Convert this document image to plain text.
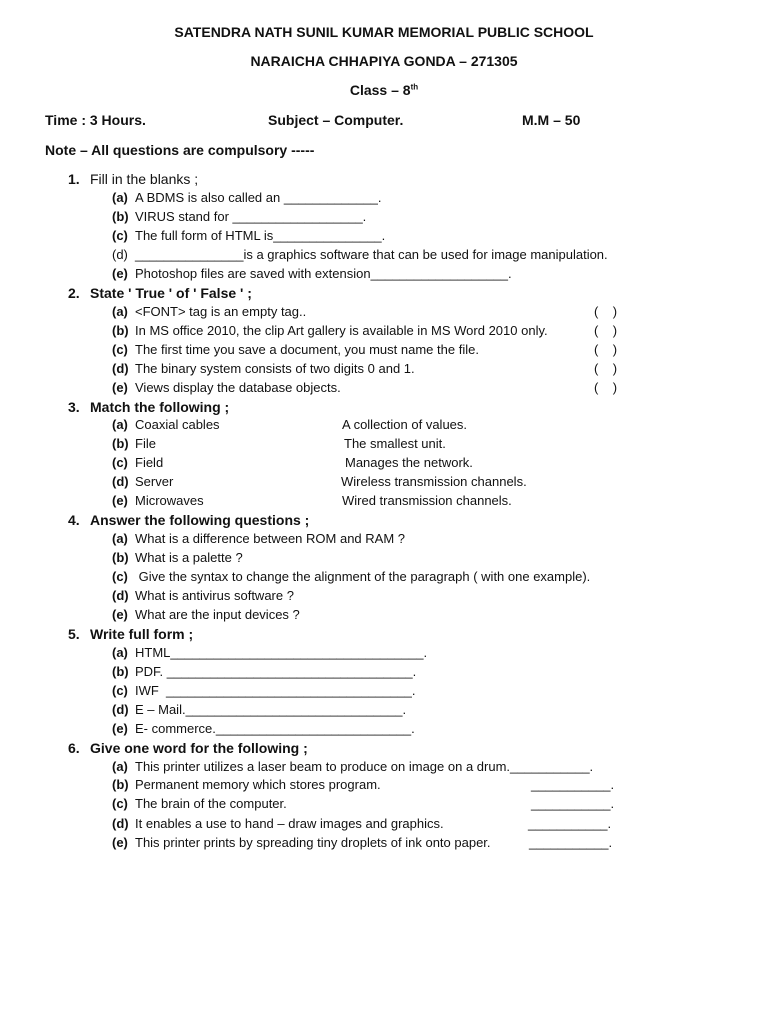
SATENDRA NATH SUNIL KUMAR MEMORIAL PUBLIC SCHOOL
NARAICHA CHHAPIYA GONDA – 271305
Class – 8th
Time : 3 Hours.	Subject – Computer.	M.M – 50
Note – All questions are compulsory -----
1. Fill in the blanks ;
(a) A BDMS is also called an _____________.
(b) VIRUS stand for __________________.
(c) The full form of HTML is_______________.
(d) _______________is a graphics software that can be used for image manipulation.
(e) Photoshop files are saved with extension___________________.
2. State ' True ' of ' False ' ;
(a) <FONT> tag is an empty tag..	(    )
(b) In MS office 2010, the clip Art gallery is available in MS Word 2010 only.	(    )
(c) The first time you save a document, you must name the file.	(    )
(d) The binary system consists of two digits 0 and 1.	(    )
(e) Views display the database objects.	(    )
3. Match the following ;
(a) Coaxial cables	A collection of values.
(b) File	The smallest unit.
(c) Field	Manages the network.
(d) Server	Wireless transmission channels.
(e) Microwaves	Wired transmission channels.
4. Answer the following questions ;
(a) What is a difference between ROM and RAM ?
(b) What is a palette ?
(c) Give the syntax to change the alignment of the paragraph ( with one example).
(d) What is antivirus software ?
(e) What are the input devices ?
5. Write full form ;
(a) HTML___________________________________.
(b) PDF. __________________________________.
(c) IWF  __________________________________.
(d) E – Mail.______________________________.
(e) E- commerce.___________________________.
6. Give one word for the following ;
(a) This printer utilizes a laser beam to produce on image on a drum.___________.
(b) Permanent memory which stores program.	___________.
(c) The brain of the computer.	___________.
(d) It enables a use to hand – draw images and graphics.	___________.
(e) This printer prints by spreading tiny droplets of ink onto paper.	___________.
